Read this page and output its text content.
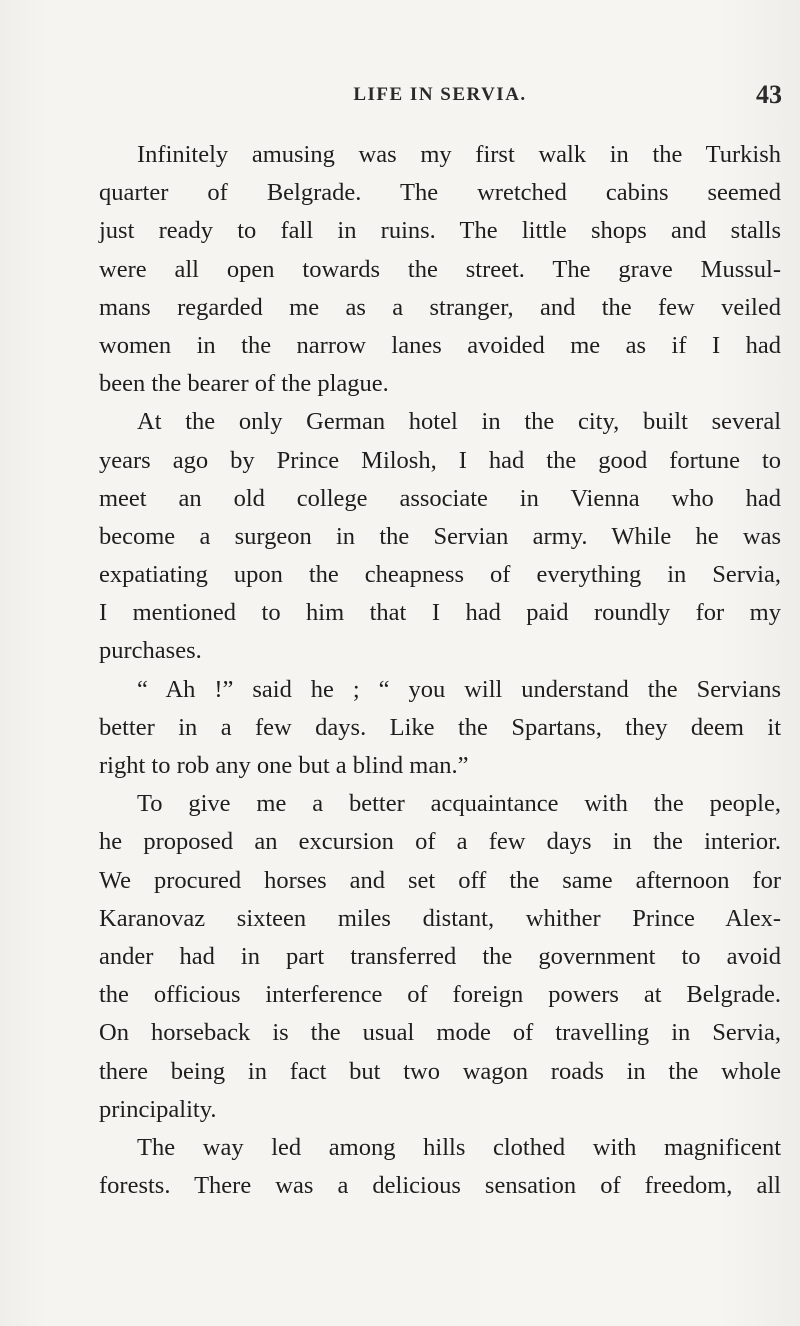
LIFE IN SERVIA.	43
Infinitely amusing was my first walk in the Turkish
quarter of Belgrade. The wretched cabins seemed
just ready to fall in ruins. The little shops and stalls
were all open towards the street. The grave Mussul-
mans regarded me as a stranger, and the few veiled
women in the narrow lanes avoided me as if I had
been the bearer of the plague.
At the only German hotel in the city, built several
years ago by Prince Milosh, I had the good fortune to
meet an old college associate in Vienna who had
become a surgeon in the Servian army. While he was
expatiating upon the cheapness of everything in Servia,
I mentioned to him that I had paid roundly for my
purchases.
“ Ah !” said he ; “ you will understand the Servians
better in a few days. Like the Spartans, they deem it
right to rob any one but a blind man.”
To give me a better acquaintance with the people,
he proposed an excursion of a few days in the interior.
We procured horses and set off the same afternoon for
Karanovaz sixteen miles distant, whither Prince Alex-
ander had in part transferred the government to avoid
the officious interference of foreign powers at Belgrade.
On horseback is the usual mode of travelling in Servia,
there being in fact but two wagon roads in the whole
principality.
The way led among hills clothed with magnificent
forests. There was a delicious sensation of freedom, all
